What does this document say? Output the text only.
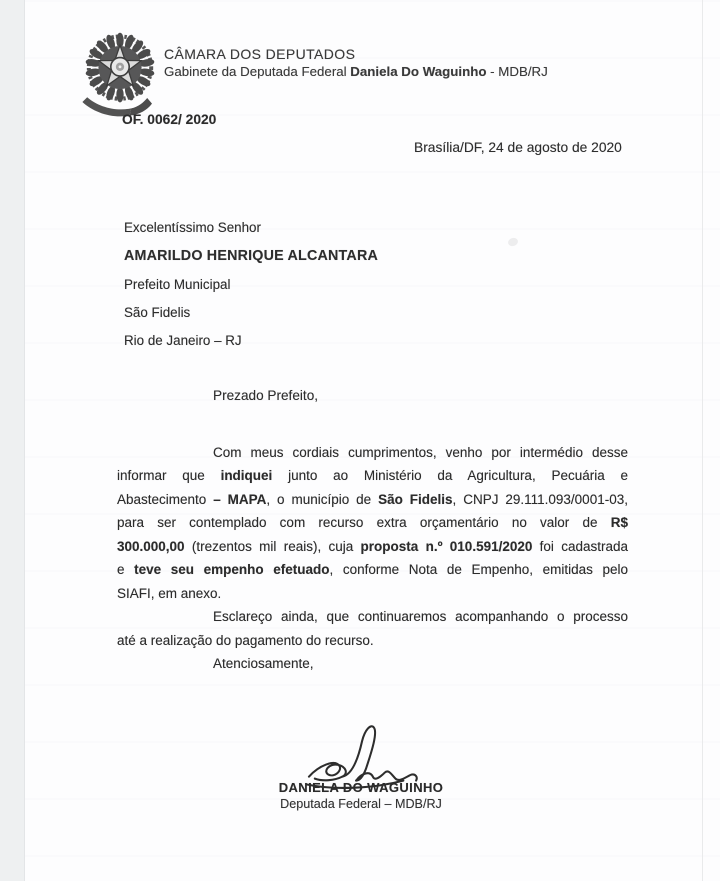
CÂMARA DOS DEPUTADOS
Gabinete da Deputada Federal Daniela Do Waguinho - MDB/RJ
OF. 0062/ 2020
Brasília/DF, 24 de agosto de 2020
Excelentíssimo Senhor
AMARILDO HENRIQUE ALCANTARA
Prefeito Municipal
São Fidelis
Rio de Janeiro – RJ
Prezado Prefeito,
Com meus cordiais cumprimentos, venho por intermédio desse
informar que indiquei junto ao Ministério da Agricultura, Pecuária e
Abastecimento – MAPA, o município de São Fidelis, CNPJ 29.111.093/0001-03,
para ser contemplado com recurso extra orçamentário no valor de R$
300.000,00 (trezentos mil reais), cuja proposta n.º 010.591/2020 foi cadastrada
e teve seu empenho efetuado, conforme Nota de Empenho, emitidas pelo
SIAFI, em anexo.
Esclareço ainda, que continuaremos acompanhando o processo
até a realização do pagamento do recurso.
Atenciosamente,
DANIELA DO WAGUINHO
Deputada Federal – MDB/RJ
